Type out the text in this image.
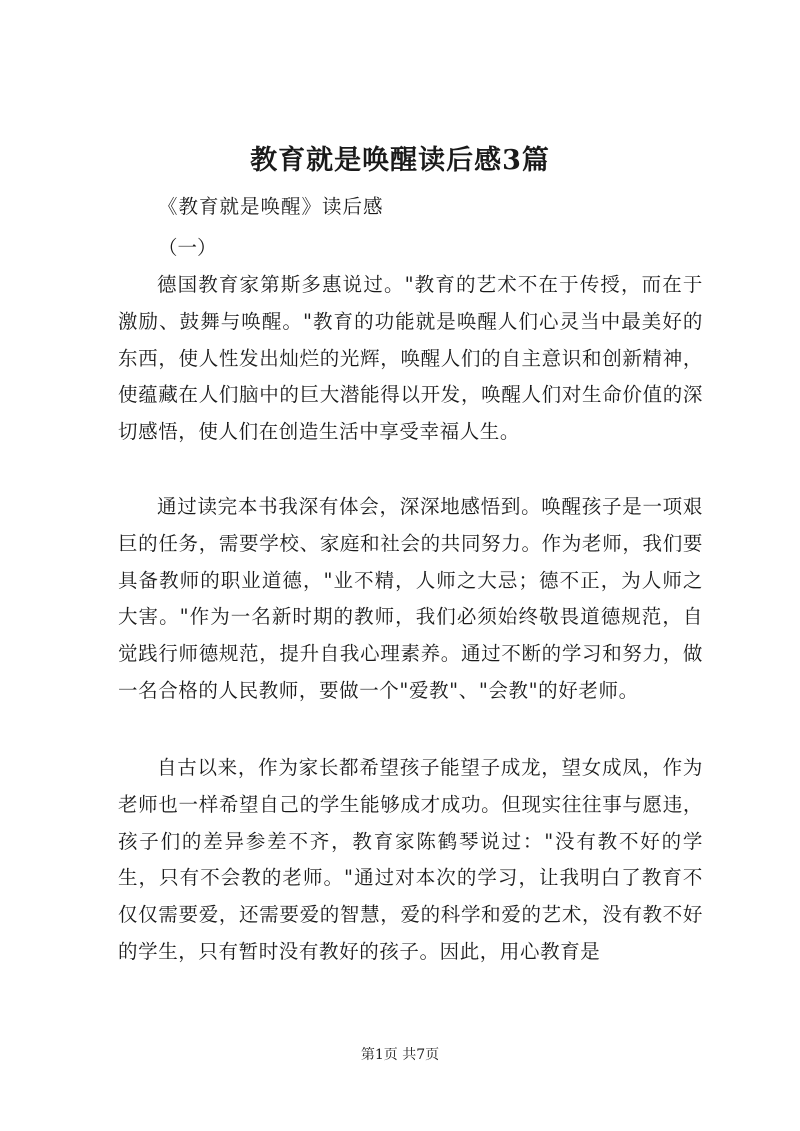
教育就是唤醒读后感3篇
《教育就是唤醒》读后感
（一）

德国教育家第斯多惠说过。"教育的艺术不在于传授，而在于激励、鼓舞与唤醒。"教育的功能就是唤醒人们心灵当中最美好的东西，使人性发出灿烂的光辉，唤醒人们的自主意识和创新精神，使蕴藏在人们脑中的巨大潜能得以开发，唤醒人们对生命价值的深切感悟，使人们在创造生活中享受幸福人生。

通过读完本书我深有体会，深深地感悟到。唤醒孩子是一项艰巨的任务，需要学校、家庭和社会的共同努力。作为老师，我们要具备教师的职业道德，"业不精，人师之大忌；德不正，为人师之大害。"作为一名新时期的教师，我们必须始终敬畏道德规范，自觉践行师德规范，提升自我心理素养。通过不断的学习和努力，做一名合格的人民教师，要做一个"爱教"、"会教"的好老师。

自古以来，作为家长都希望孩子能望子成龙，望女成凤，作为老师也一样希望自己的学生能够成才成功。但现实往往事与愿违，孩子们的差异参差不齐，教育家陈鹤琴说过："没有教不好的学生，只有不会教的老师。"通过对本次的学习，让我明白了教育不仅仅需要爱，还需要爱的智慧，爱的科学和爱的艺术，没有教不好的学生，只有暂时没有教好的孩子。因此，用心教育是

第1页 共7页
